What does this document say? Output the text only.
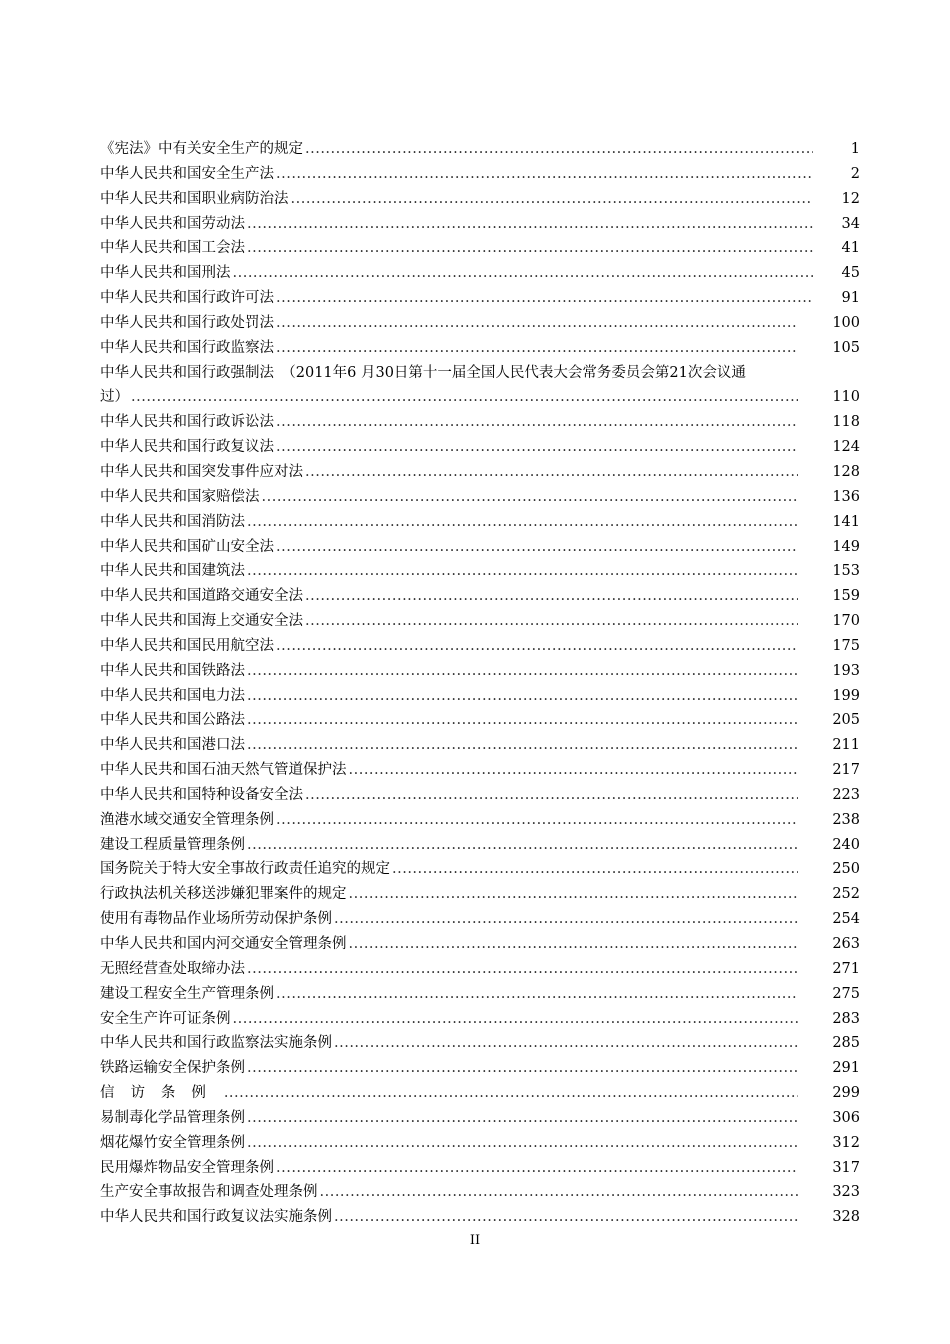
《宪法》中有关安全生产的规定 .....	1
中华人民共和国安全生产法 .....	2
中华人民共和国职业病防治法 .....	12
中华人民共和国劳动法 .....	34
中华人民共和国工会法 .....	41
中华人民共和国刑法 .....	45
中华人民共和国行政许可法 .....	91
中华人民共和国行政处罚法 .....	100
中华人民共和国行政监察法 .....	105
中华人民共和国行政强制法　（2011年6 月30日第十一届全国人民代表大会常务委员会第21次会议通
过） .....	110
中华人民共和国行政诉讼法 .....	118
中华人民共和国行政复议法 .....	124
中华人民共和国突发事件应对法 .....	128
中华人民共和国家赔偿法 .....	136
中华人民共和国消防法 .....	141
中华人民共和国矿山安全法 .....	149
中华人民共和国建筑法 .....	153
中华人民共和国道路交通安全法 .....	159
中华人民共和国海上交通安全法 .....	170
中华人民共和国民用航空法 .....	175
中华人民共和国铁路法 .....	193
中华人民共和国电力法 .....	199
中华人民共和国公路法 .....	205
中华人民共和国港口法 .....	211
中华人民共和国石油天然气管道保护法 .....	217
中华人民共和国特种设备安全法 .....	223
渔港水域交通安全管理条例 .....	238
建设工程质量管理条例 .....	240
国务院关于特大安全事故行政责任追究的规定 .....	250
行政执法机关移送涉嫌犯罪案件的规定 .....	252
使用有毒物品作业场所劳动保护条例 .....	254
中华人民共和国内河交通安全管理条例 .....	263
无照经营查处取缔办法 .....	271
建设工程安全生产管理条例 .....	275
安全生产许可证条例 .....	283
中华人民共和国行政监察法实施条例 .....	285
铁路运输安全保护条例 .....	291
信访条例 .....	299
易制毒化学品管理条例 .....	306
烟花爆竹安全管理条例 .....	312
民用爆炸物品安全管理条例 .....	317
生产安全事故报告和调查处理条例 .....	323
中华人民共和国行政复议法实施条例 .....	328
II
